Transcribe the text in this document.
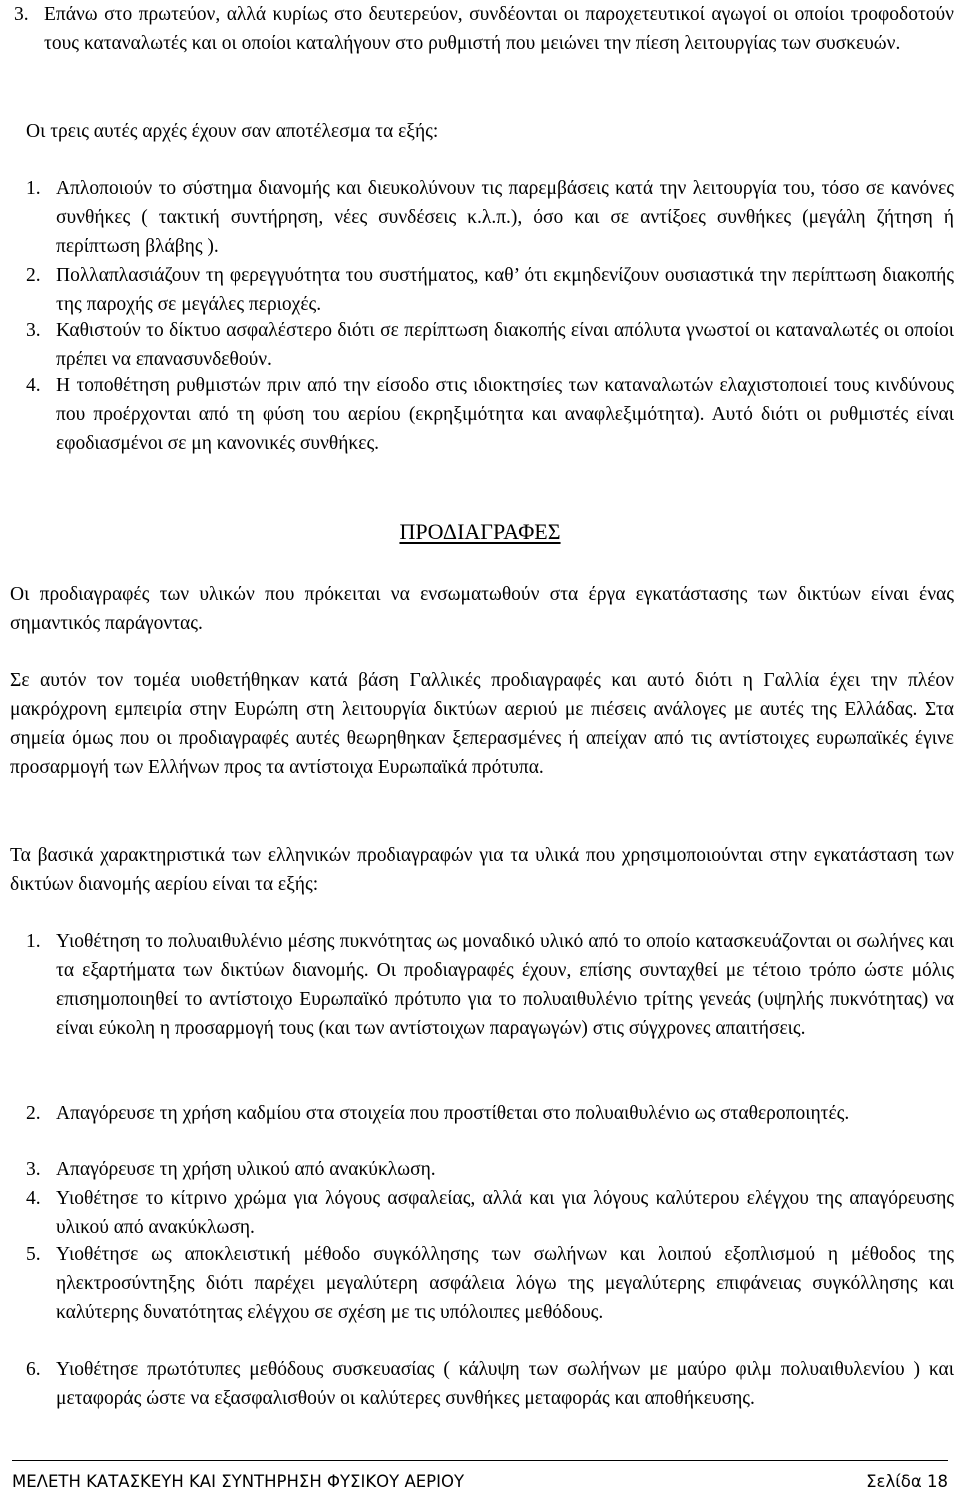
3. Επάνω στο πρωτεύον, αλλά κυρίως στο δευτερεύον, συνδέονται οι παροχετευτικοί αγωγοί οι οποίοι τροφοδοτούν τους καταναλωτές και οι οποίοι καταλήγουν στο ρυθμιστή που μειώνει την πίεση λειτουργίας των συσκευών.
Οι τρεις αυτές αρχές έχουν σαν αποτέλεσμα τα εξής:
1. Απλοποιούν το σύστημα διανομής και διευκολύνουν τις παρεμβάσεις κατά την λειτουργία του, τόσο σε κανόνες συνθήκες ( τακτική συντήρηση, νέες συνδέσεις κ.λ.π.), όσο και σε αντίξοες συνθήκες (μεγάλη ζήτηση ή περίπτωση βλάβης ).
2. Πολλαπλασιάζουν τη φερεγγυότητα του συστήματος, καθ’ ότι εκμηδενίζουν ουσιαστικά την περίπτωση διακοπής της παροχής σε μεγάλες περιοχές.
3. Καθιστούν το δίκτυο ασφαλέστερο διότι σε περίπτωση διακοπής είναι απόλυτα γνωστοί οι καταναλωτές οι οποίοι πρέπει να επανασυνδεθούν.
4. Η τοποθέτηση ρυθμιστών πριν από την είσοδο στις ιδιοκτησίες των καταναλωτών ελαχιστοποιεί τους κινδύνους που προέρχονται από τη φύση του αερίου (εκρηξιμότητα και αναφλεξιμότητα). Αυτό διότι οι ρυθμιστές είναι εφοδιασμένοι σε μη κανονικές συνθήκες.
ΠΡΟΔΙΑΓΡΑΦΕΣ
Οι προδιαγραφές των υλικών που πρόκειται να ενσωματωθούν στα έργα εγκατάστασης των δικτύων είναι ένας σημαντικός παράγοντας.
Σε αυτόν τον τομέα υιοθετήθηκαν κατά βάση Γαλλικές προδιαγραφές και αυτό διότι η Γαλλία έχει την πλέον μακρόχρονη εμπειρία στην Ευρώπη στη λειτουργία δικτύων αεριού με πιέσεις ανάλογες με αυτές της Ελλάδας. Στα σημεία όμως που οι προδιαγραφές αυτές θεωρηθηκαν ξεπερασμένες ή απείχαν από τις αντίστοιχες ευρωπαϊκές έγινε προσαρμογή των Ελλήνων προς τα αντίστοιχα Ευρωπαϊκά πρότυπα.
Τα βασικά χαρακτηριστικά των ελληνικών προδιαγραφών για τα υλικά που χρησιμοποιούνται στην εγκατάσταση των δικτύων διανομής αερίου είναι τα εξής:
1. Υιοθέτηση το πολυαιθυλένιο μέσης πυκνότητας ως μοναδικό υλικό από το οποίο κατασκευάζονται οι σωλήνες και τα εξαρτήματα των δικτύων διανομής. Οι προδιαγραφές έχουν, επίσης συνταχθεί με τέτοιο τρόπο ώστε μόλις επισημοποιηθεί το αντίστοιχο Ευρωπαϊκό πρότυπο για το πολυαιθυλένιο τρίτης γενεάς (υψηλής πυκνότητας) να είναι εύκολη η προσαρμογή τους (και των αντίστοιχων παραγωγών) στις σύγχρονες απαιτήσεις.
2. Απαγόρευσε τη χρήση καδμίου στα στοιχεία που προστίθεται στο πολυαιθυλένιο ως σταθεροποιητές.
3. Απαγόρευσε τη χρήση υλικού από ανακύκλωση.
4. Υιοθέτησε το κίτρινο χρώμα για λόγους ασφαλείας, αλλά και για λόγους καλύτερου ελέγχου της απαγόρευσης υλικού από ανακύκλωση.
5. Υιοθέτησε ως αποκλειστική μέθοδο συγκόλλησης των σωλήνων και λοιπού εξοπλισμού η μέθοδος της ηλεκτροσύντηξης διότι παρέχει μεγαλύτερη ασφάλεια λόγω της μεγαλύτερης επιφάνειας συγκόλλησης και καλύτερης δυνατότητας ελέγχου σε σχέση με τις υπόλοιπες μεθόδους.
6. Υιοθέτησε πρωτότυπες μεθόδους συσκευασίας ( κάλυψη των σωλήνων με μαύρο φιλμ πολυαιθυλενίου ) και μεταφοράς ώστε να εξασφαλισθούν οι καλύτερες συνθήκες μεταφοράς και αποθήκευσης.
ΜΕΛΕΤΗ ΚΑΤΑΣΚΕΥΗ ΚΑΙ ΣΥΝΤΗΡΗΣΗ ΦΥΣΙΚΟΥ ΑΕΡΙΟΥ	Σελίδα 18
